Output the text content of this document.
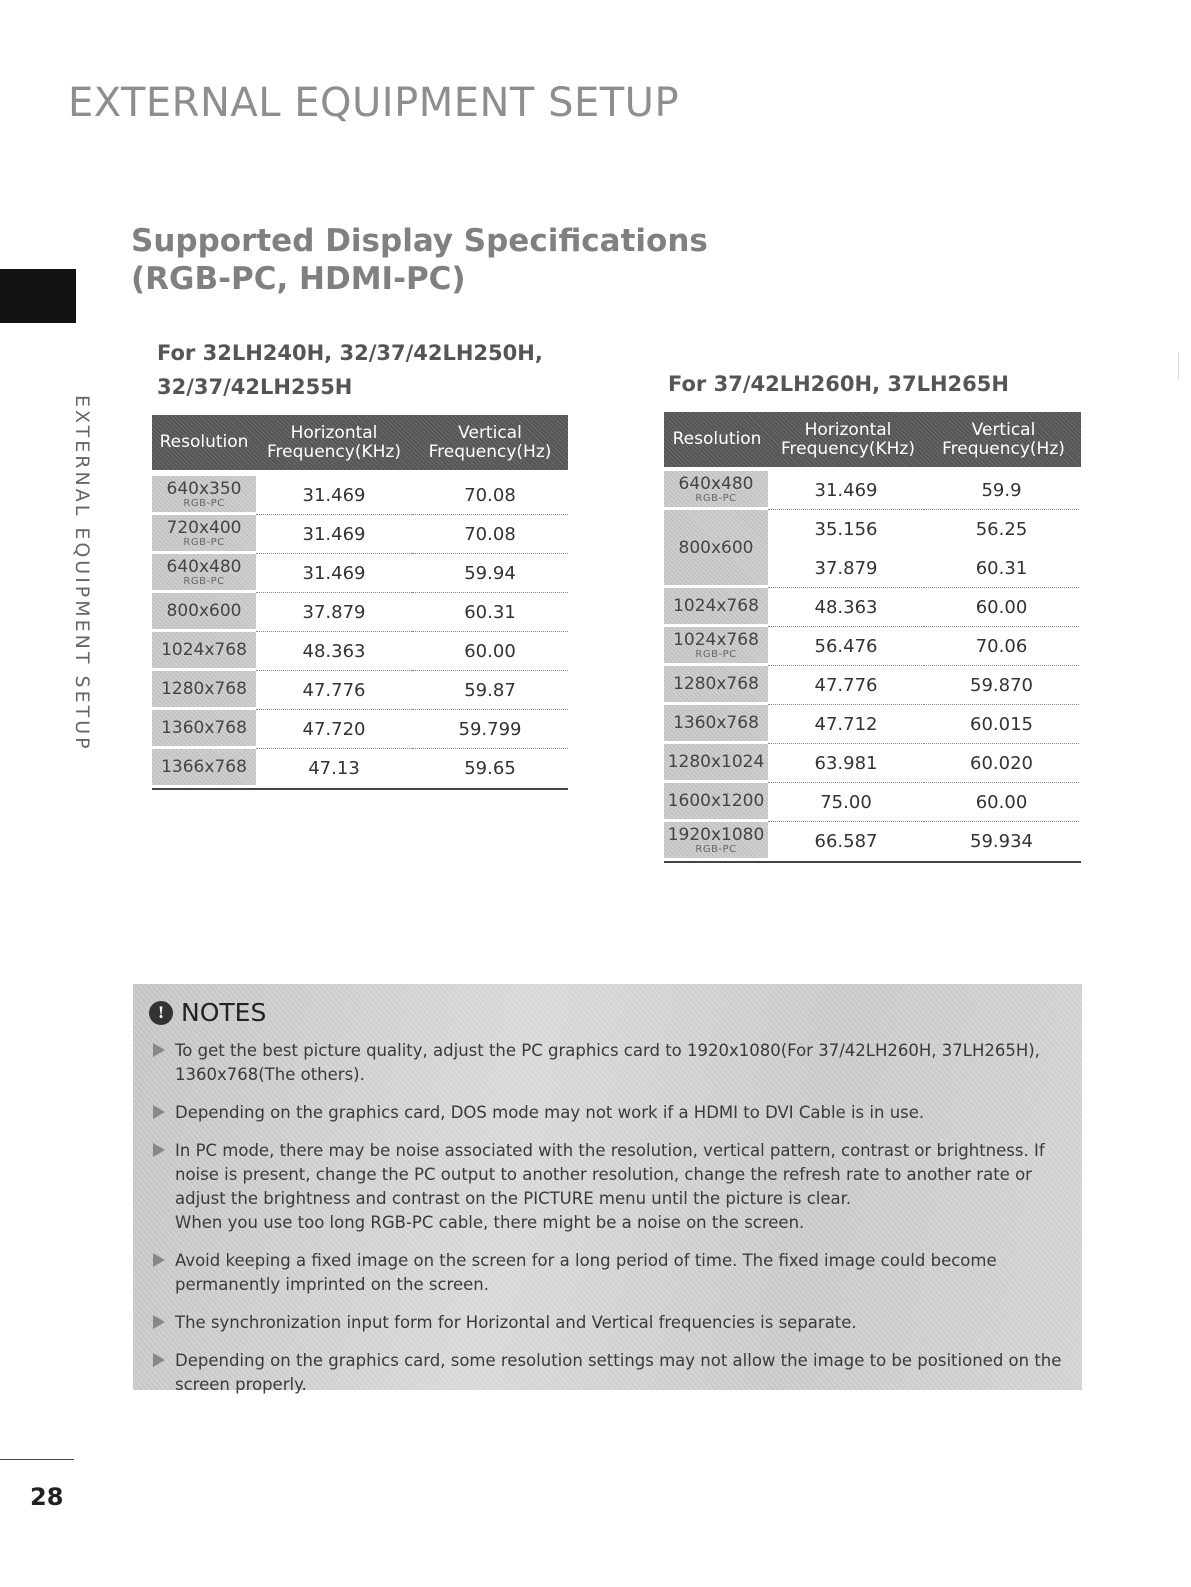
EXTERNAL EQUIPMENT SETUP
Supported Display Specifications
(RGB-PC, HDMI-PC)
EXTERNAL EQUIPMENT SETUP
For 32LH240H, 32/37/42LH250H,
32/37/42LH255H
Resolution	Horizontal
Frequency(KHz)
Vertical
Frequency(Hz)
640x350
RGB-PC	31.469	70.08
720x400
RGB-PC	31.469	70.08
640x480
RGB-PC	31.469	59.94
800x600	37.879	60.31
1024x768	48.363	60.00
1280x768	47.776	59.87
1360x768	47.720	59.799
1366x768	47.13	59.65
For 37/42LH260H, 37LH265H
Resolution	Horizontal
Frequency(KHz)
Vertical
Frequency(Hz)
640x480
RGB-PC	31.469	59.9
800x600
35.156	56.25
37.879	60.31
1024x768	48.363	60.00
1024x768
RGB-PC	56.476	70.06
1280x768	47.776	59.870
1360x768	47.712	60.015
1280x1024	63.981	60.020
1600x1200	75.00	60.00
1920x1080
RGB-PC	66.587	59.934
! NOTES
To get the best picture quality, adjust the PC graphics card to 1920x1080(For 37/42LH260H, 37LH265H), 1360x768(The others).
Depending on the graphics card, DOS mode may not work if a HDMI to DVI Cable is in use.
In PC mode, there may be noise associated with the resolution, vertical pattern, contrast or brightness. If noise is present, change the PC output to another resolution, change the refresh rate to another rate or adjust the brightness and contrast on the PICTURE menu until the picture is clear.
When you use too long RGB-PC cable, there might be a noise on the screen.
Avoid keeping a fixed image on the screen for a long period of time. The fixed image could become permanently imprinted on the screen.
The synchronization input form for Horizontal and Vertical frequencies is separate.
Depending on the graphics card, some resolution settings may not allow the image to be positioned on the screen properly.
28
